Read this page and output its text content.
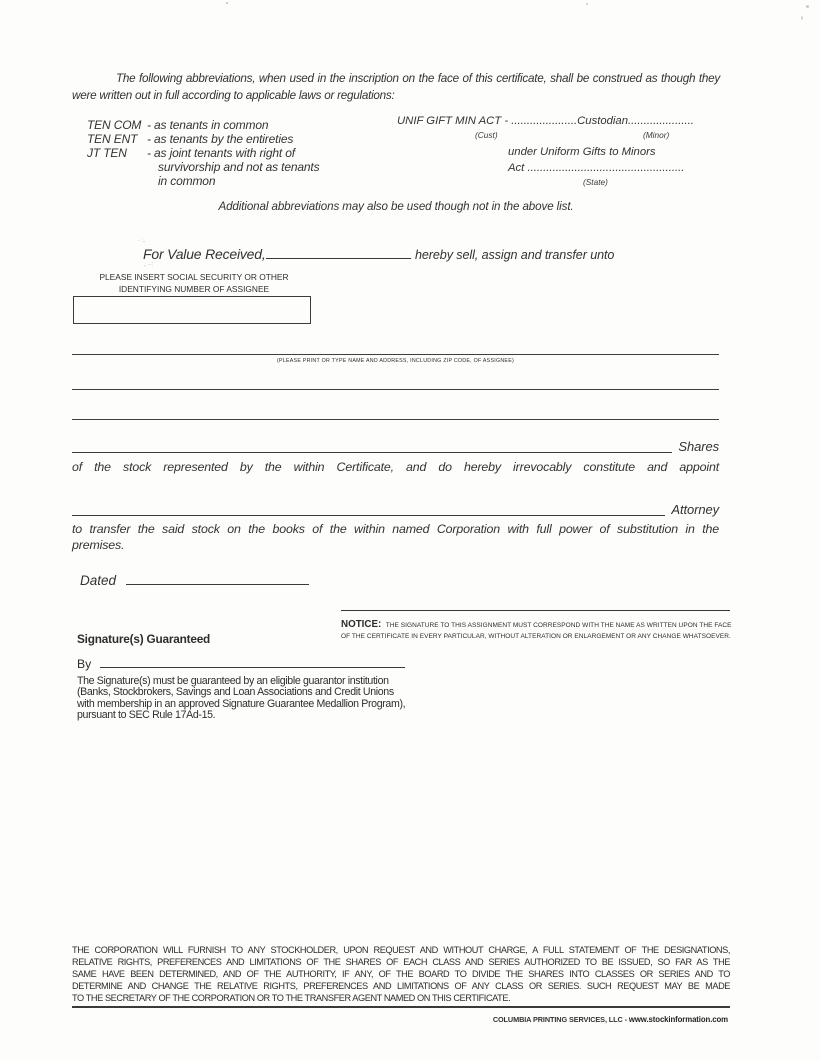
· :.
, ··:
The following abbreviations, when used in the inscription on the face of this certificate, shall be construed as though they were written out in full according to applicable laws or regulations:
TEN COM - as tenants in common
TEN ENT - as tenants by the entireties
JT TEN - as joint tenants with right of
survivorship and not as tenants
in common
UNIF GIFT MIN ACT - .....................Custodian.....................
(Cust)	(Minor)
under Uniform Gifts to Minors
Act ..................................................
(State)
Additional abbreviations may also be used though not in the above list.
For Value Received,	hereby sell, assign and transfer unto
PLEASE INSERT SOCIAL SECURITY OR OTHER
IDENTIFYING NUMBER OF ASSIGNEE
(PLEASE PRINT OR TYPE NAME AND ADDRESS, INCLUDING ZIP CODE, OF ASSIGNEE)
Shares
of the stock represented by the within Certificate, and do hereby irrevocably constitute and appoint
Attorney
to transfer the said stock on the books of the within named Corporation with full power of substitution in the
premises.
Dated
NOTICE: THE SIGNATURE TO THIS ASSIGNMENT MUST CORRESPOND WITH THE NAME AS WRITTEN UPON THE FACE
OF THE CERTIFICATE IN EVERY PARTICULAR, WITHOUT ALTERATION OR ENLARGEMENT OR ANY CHANGE WHATSOEVER.
Signature(s) Guaranteed
By
The Signature(s) must be guaranteed by an eligible guarantor institution
(Banks, Stockbrokers, Savings and Loan Associations and Credit Unions
with membership in an approved Signature Guarantee Medallion Program),
pursuant to SEC Rule 17Ad-15.
THE CORPORATION WILL FURNISH TO ANY STOCKHOLDER, UPON REQUEST AND WITHOUT CHARGE, A FULL STATEMENT OF THE DESIGNATIONS,
RELATIVE RIGHTS, PREFERENCES AND LIMITATIONS OF THE SHARES OF EACH CLASS AND SERIES AUTHORIZED TO BE ISSUED, SO FAR AS THE
SAME HAVE BEEN DETERMINED, AND OF THE AUTHORITY, IF ANY, OF THE BOARD TO DIVIDE THE SHARES INTO CLASSES OR SERIES AND TO
DETERMINE AND CHANGE THE RELATIVE RIGHTS, PREFERENCES AND LIMITATIONS OF ANY CLASS OR SERIES. SUCH REQUEST MAY BE MADE
TO THE SECRETARY OF THE CORPORATION OR TO THE TRANSFER AGENT NAMED ON THIS CERTIFICATE.
COLUMBIA PRINTING SERVICES, LLC - www.stockinformation.com
